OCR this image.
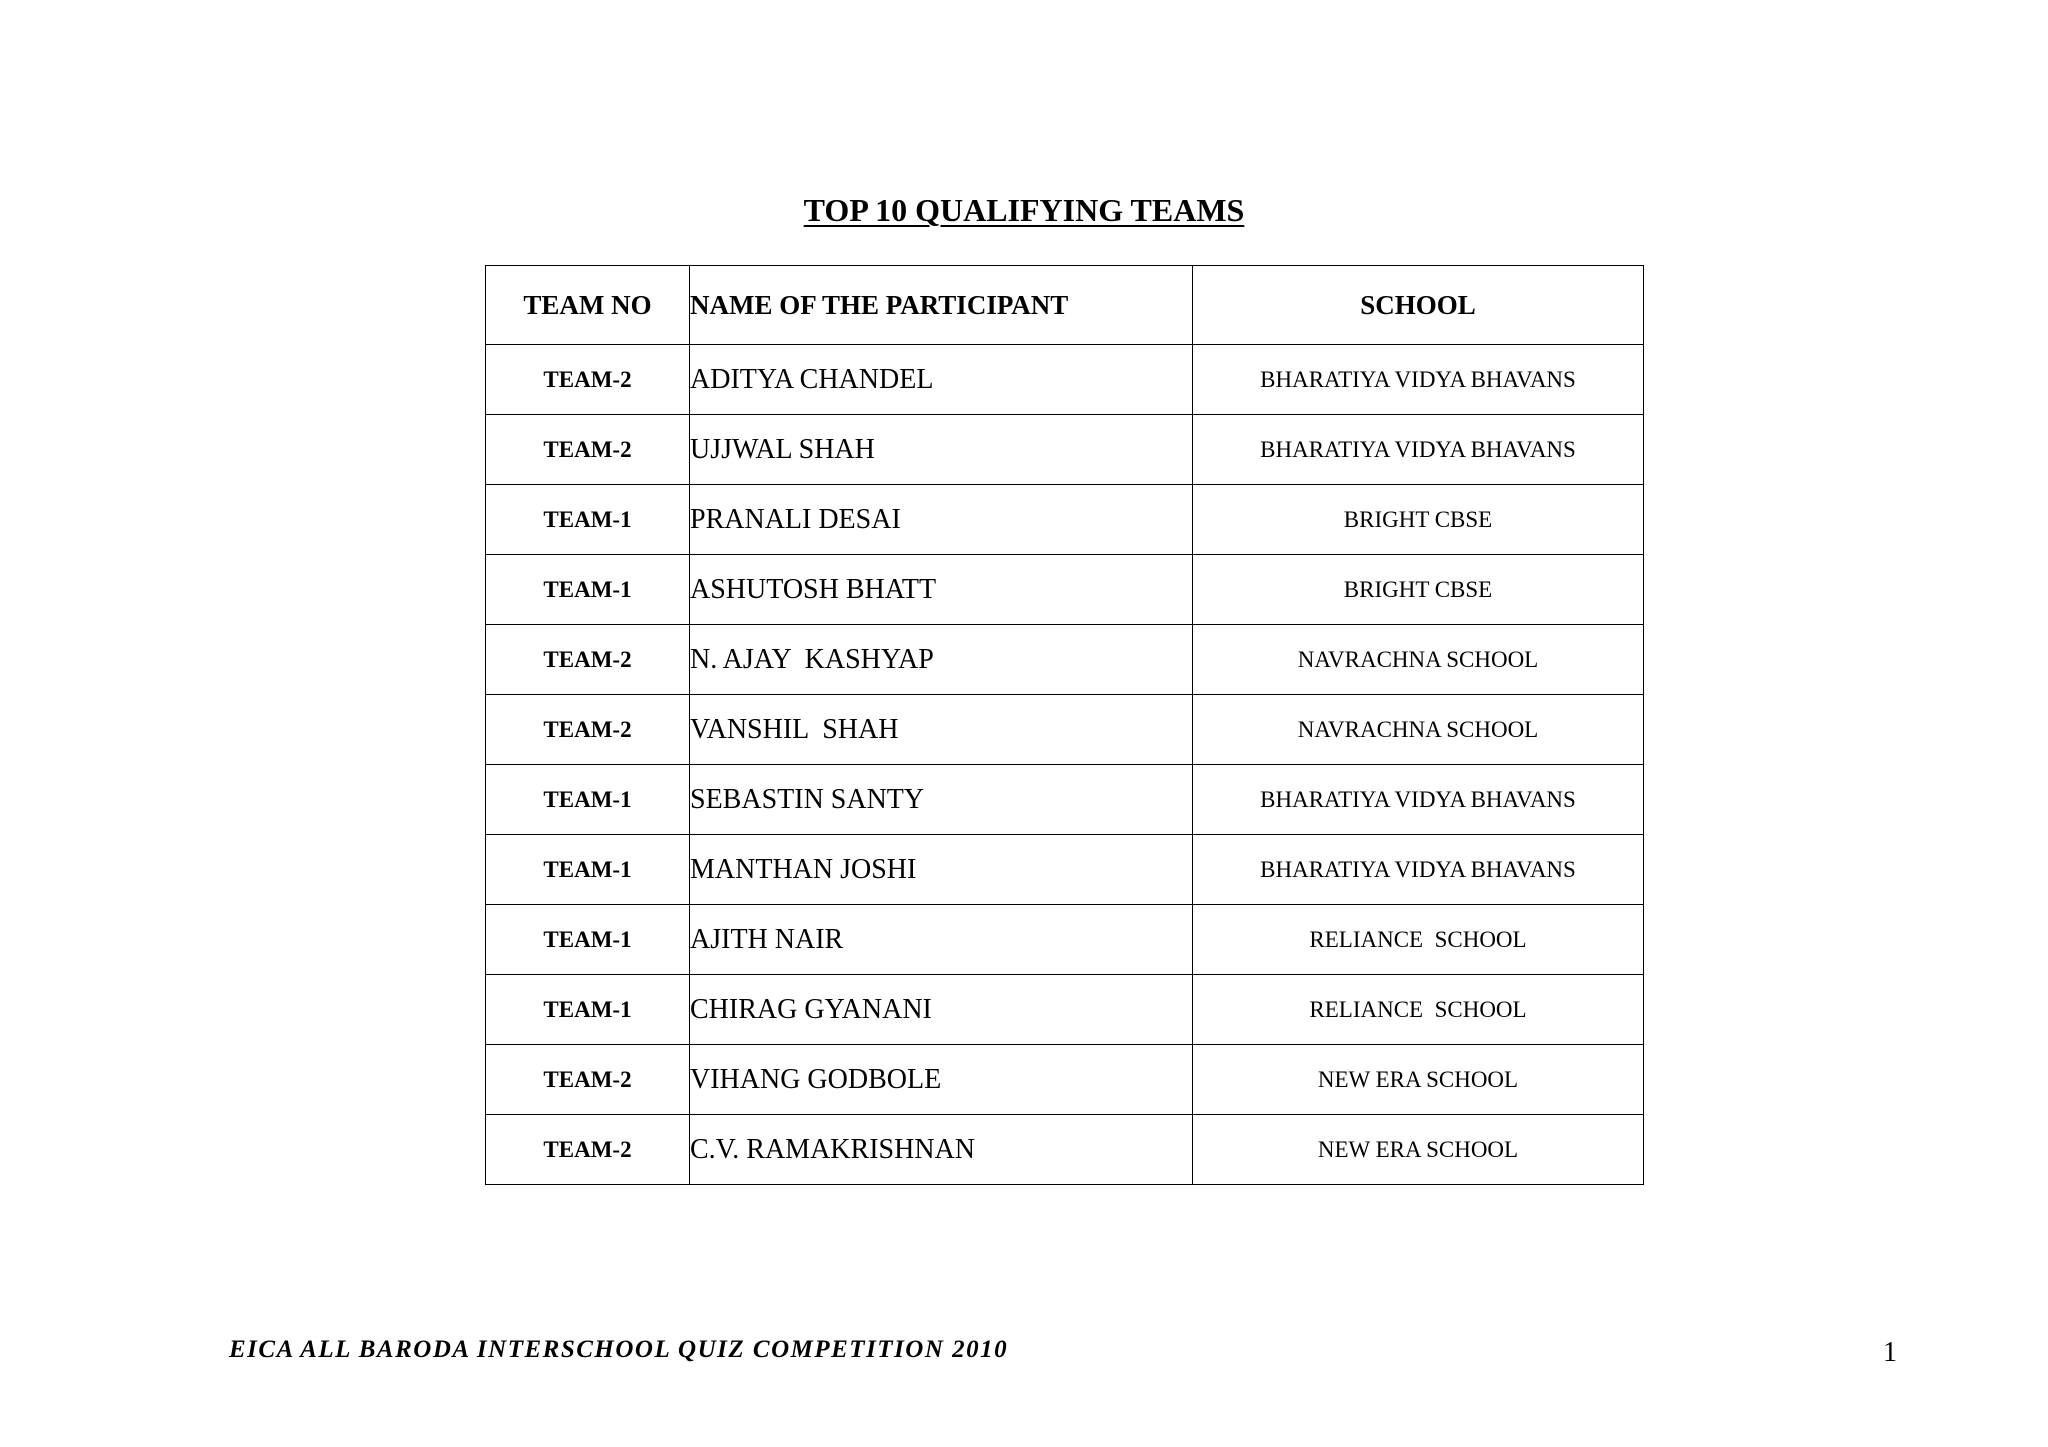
TOP 10 QUALIFYING TEAMS
TEAM NO	NAME OF THE PARTICIPANT	SCHOOL
TEAM-2	ADITYA CHANDEL	BHARATIYA VIDYA BHAVANS
TEAM-2	UJJWAL SHAH	BHARATIYA VIDYA BHAVANS
TEAM-1	PRANALI DESAI	BRIGHT CBSE
TEAM-1	ASHUTOSH BHATT	BRIGHT CBSE
TEAM-2	N. AJAY  KASHYAP	NAVRACHNA SCHOOL
TEAM-2	VANSHIL  SHAH	NAVRACHNA SCHOOL
TEAM-1	SEBASTIN SANTY	BHARATIYA VIDYA BHAVANS
TEAM-1	MANTHAN JOSHI	BHARATIYA VIDYA BHAVANS
TEAM-1	AJITH NAIR	RELIANCE  SCHOOL
TEAM-1	CHIRAG GYANANI	RELIANCE  SCHOOL
TEAM-2	VIHANG GODBOLE	NEW ERA SCHOOL
TEAM-2	C.V. RAMAKRISHNAN	NEW ERA SCHOOL

EICA ALL BARODA INTERSCHOOL QUIZ COMPETITION 2010	1
